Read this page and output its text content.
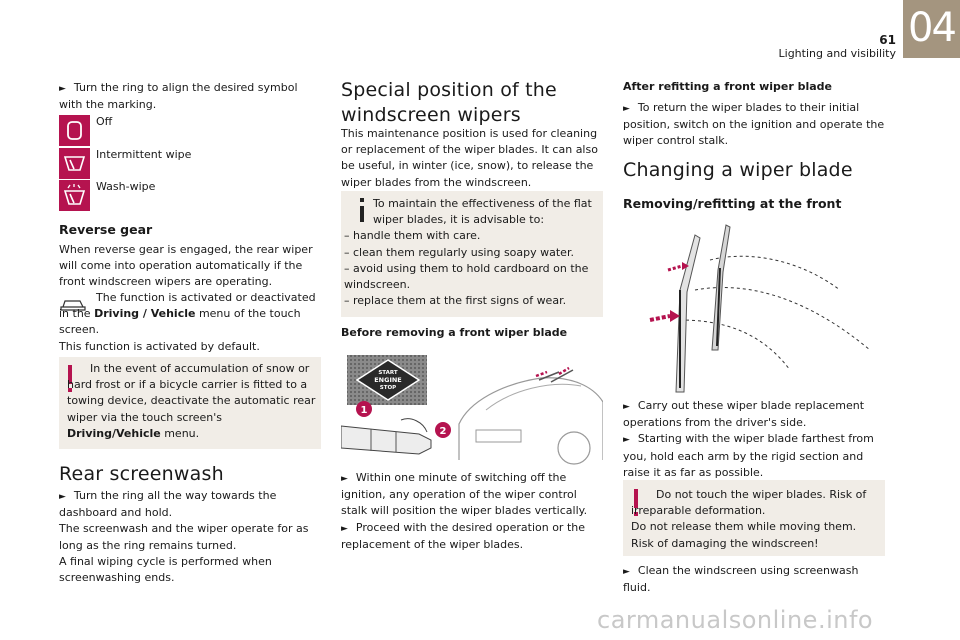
61
Lighting and visibility
04

► Turn the ring to align the desired symbol with the marking.

Off
Intermittent wipe
Wash-wipe
Reverse gear

When reverse gear is engaged, the rear wiper will come into operation automatically if the front windscreen wipers are operating.

The function is activated or deactivated in the Driving / Vehicle menu of the touch screen.

This function is activated by default.

In the event of accumulation of snow or hard frost or if a bicycle carrier is fitted to a towing device, deactivate the automatic rear wiper via the touch screen's Driving/Vehicle menu.

Rear screenwash

► Turn the ring all the way towards the dashboard and hold.

The screenwash and the wiper operate for as long as the ring remains turned.

A final wiping cycle is performed when screenwashing ends.

Special position of the
windscreen wipers

This maintenance position is used for cleaning or replacement of the wiper blades. It can also be useful, in winter (ice, snow), to release the wiper blades from the windscreen.

To maintain the effectiveness of the flat wiper blades, it is advisable to:

– handle them with care.

– clean them regularly using soapy water.

– avoid using them to hold cardboard on the windscreen.

– replace them at the first signs of wear.

Before removing a front wiper blade
START
ENGINE
STOP
1
2

► Within one minute of switching off the ignition, any operation of the wiper control stalk will position the wiper blades vertically.

► Proceed with the desired operation or the replacement of the wiper blades.

After refitting a front wiper blade

► To return the wiper blades to their initial position, switch on the ignition and operate the wiper control stalk.

Changing a wiper blade
Removing/refitting at the front

► Carry out these wiper blade replacement operations from the driver's side.

► Starting with the wiper blade farthest from you, hold each arm by the rigid section and raise it as far as possible.

Do not touch the wiper blades. Risk of irreparable deformation.

Do not release them while moving them. Risk of damaging the windscreen!

► Clean the windscreen using screenwash fluid.

carmanualsonline.info
